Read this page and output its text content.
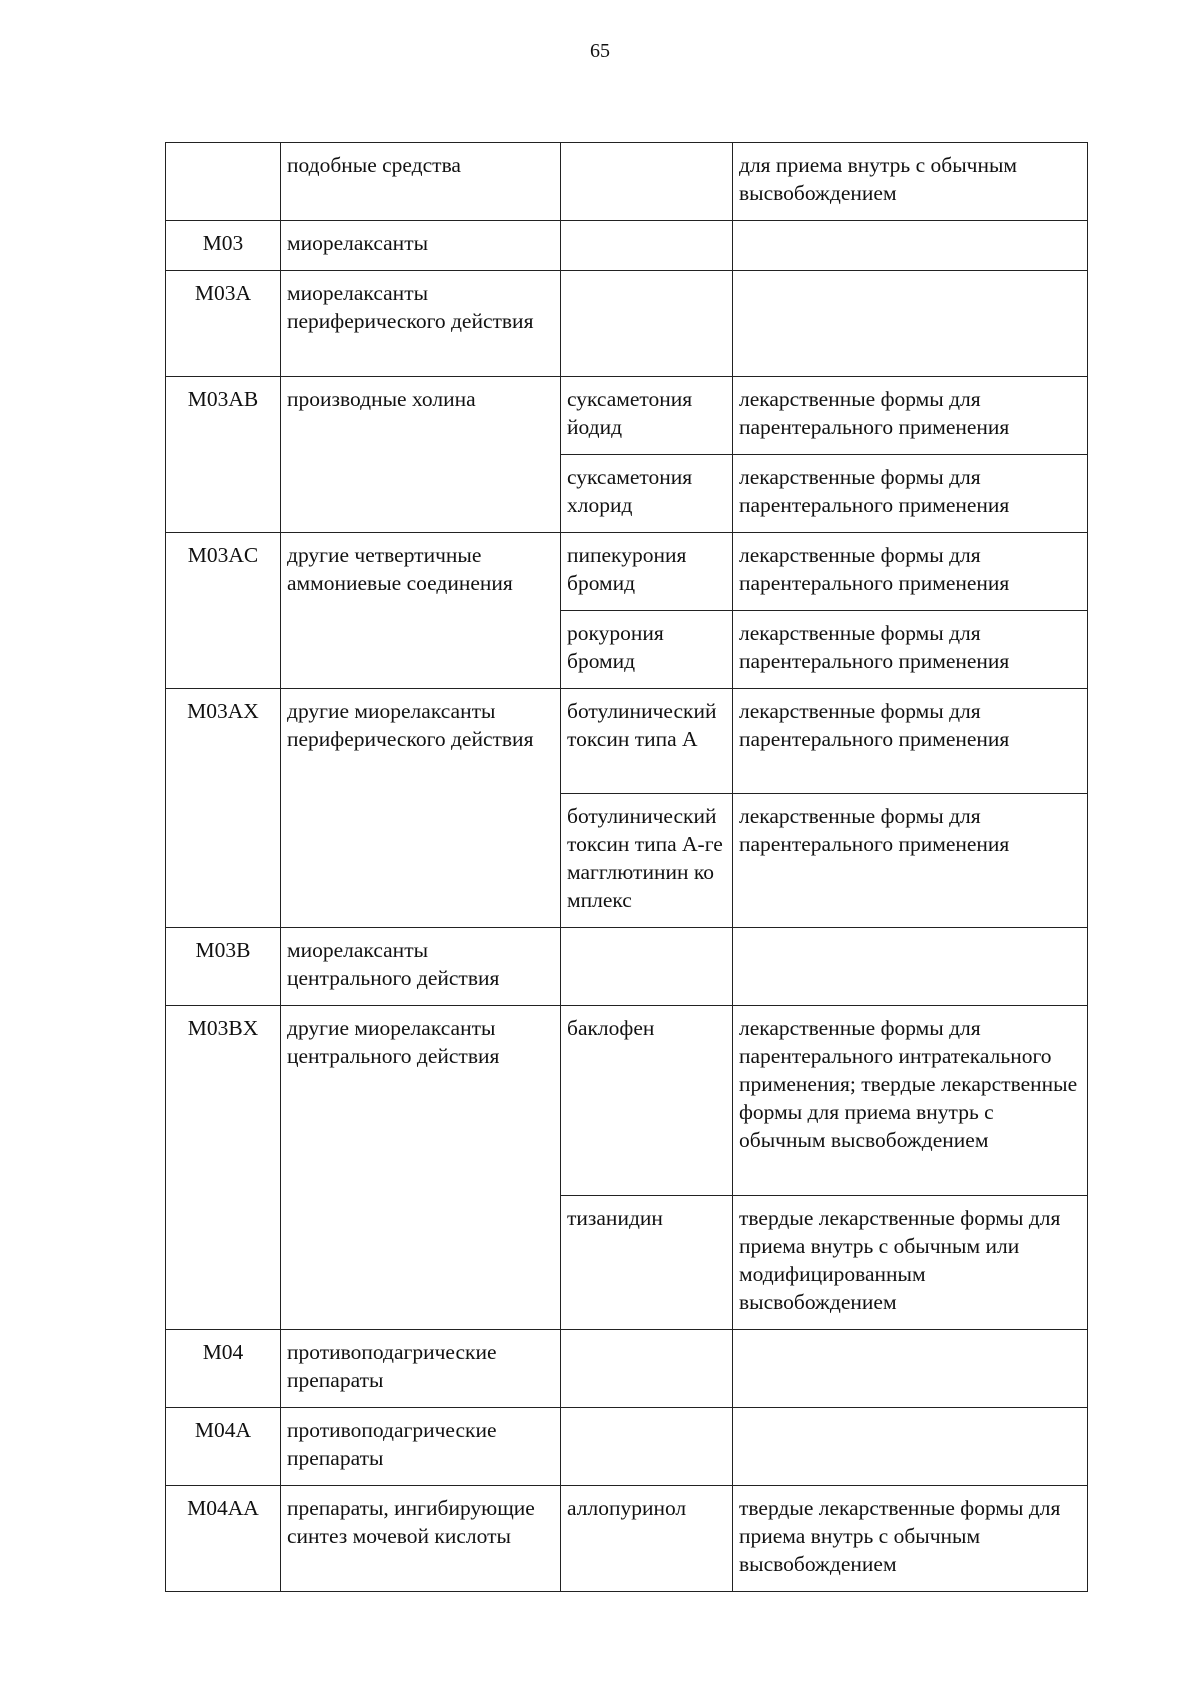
65
	подобные средства		для приема внутрь с обычным высвобождением
M03	миорелаксанты		
M03A	миорелаксанты периферического действия		
M03AB	производные холина	суксаметония йодид	лекарственные формы для парентерального применения
		суксаметония хлорид	лекарственные формы для парентерального применения
M03AC	другие четвертичные аммониевые соединения	пипекурония бромид	лекарственные формы для парентерального применения
		рокурония бромид	лекарственные формы для парентерального применения
M03AX	другие миорелаксанты периферического действия	ботулинический токсин типа А	лекарственные формы для парентерального применения
		ботулинический токсин типа А-гемагглютинин комплекс	лекарственные формы для парентерального применения
M03B	миорелаксанты центрального действия		
M03BX	другие миорелаксанты центрального действия	баклофен	лекарственные формы для парентерального интратекального применения; твердые лекарственные формы для приема внутрь с обычным высвобождением
		тизанидин	твердые лекарственные формы для приема внутрь с обычным или модифицированным высвобождением
M04	противоподагрические препараты		
M04A	противоподагрические препараты		
M04AA	препараты, ингибирующие синтез мочевой кислоты	аллопуринол	твердые лекарственные формы для приема внутрь с обычным высвобождением
